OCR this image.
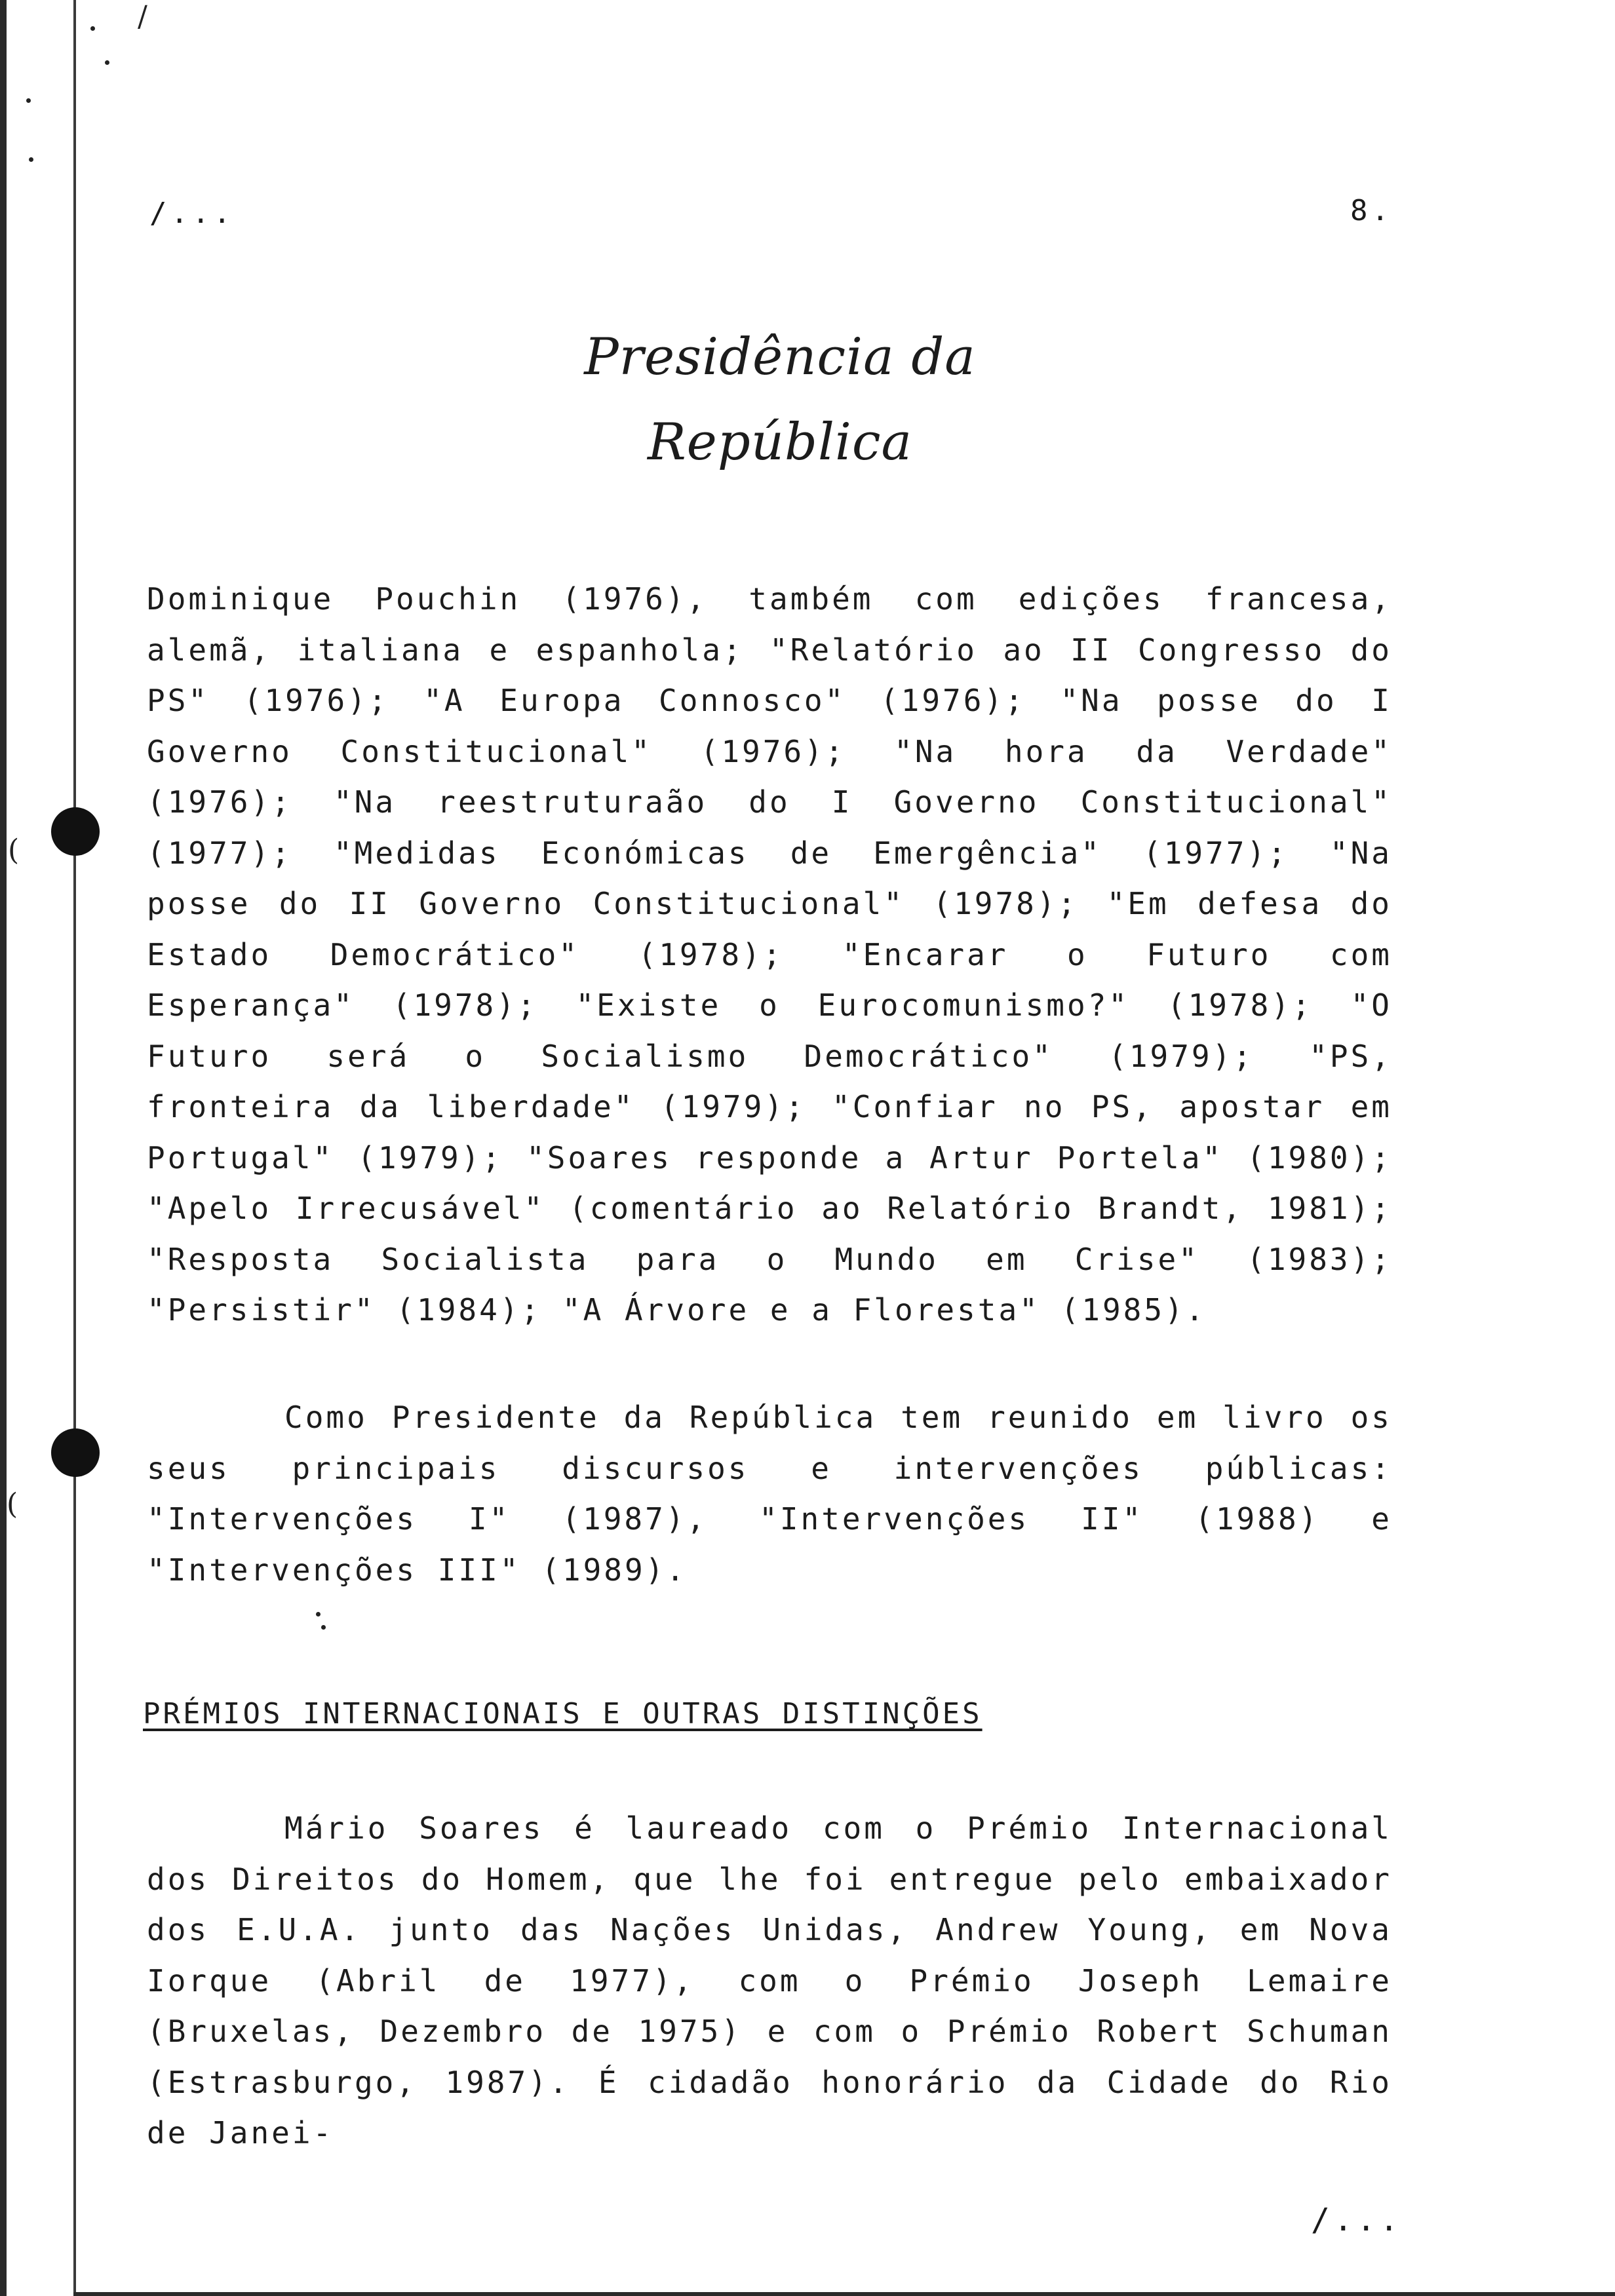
/
(
(
/...	8.
Presidência da República
Dominique Pouchin (1976), também com edições francesa, alemã, italiana e espanhola; "Relatório ao II Congresso do PS" (1976); "A Europa Connosco" (1976); "Na posse do I Governo Constitucional" (1976); "Na hora da Verdade" (1976); "Na reestruturaão do I Governo Constitucional" (1977); "Medidas Económicas de Emergência" (1977); "Na posse do II Governo Constitucional" (1978); "Em defesa do Estado Democrático" (1978); "Encarar o Futuro com Esperança" (1978); "Existe o Eurocomunismo?" (1978); "O Futuro será o Socialismo Democrático" (1979); "PS, fronteira da liberdade" (1979); "Confiar no PS, apostar em Portugal" (1979); "Soares responde a Artur Portela" (1980); "Apelo Irrecusável" (comentário ao Relatório Brandt, 1981); "Resposta Socialista para o Mundo em Crise" (1983); "Persistir" (1984); "A Árvore e a Floresta" (1985).
Como Presidente da República tem reunido em livro os seus principais discursos e intervenções públicas: "Intervenções I" (1987), "Intervenções II" (1988) e "Intervenções III" (1989).
PRÉMIOS INTERNACIONAIS E OUTRAS DISTINÇÕES
Mário Soares é laureado com o Prémio Internacional dos Direitos do Homem, que lhe foi entregue pelo embaixador dos E.U.A. junto das Nações Unidas, Andrew Young, em Nova Iorque (Abril de 1977), com o Prémio Joseph Lemaire (Bruxelas, Dezembro de 1975) e com o Prémio Robert Schuman (Estrasburgo, 1987). É cidadão honorário da Cidade do Rio de Janei-
/...
